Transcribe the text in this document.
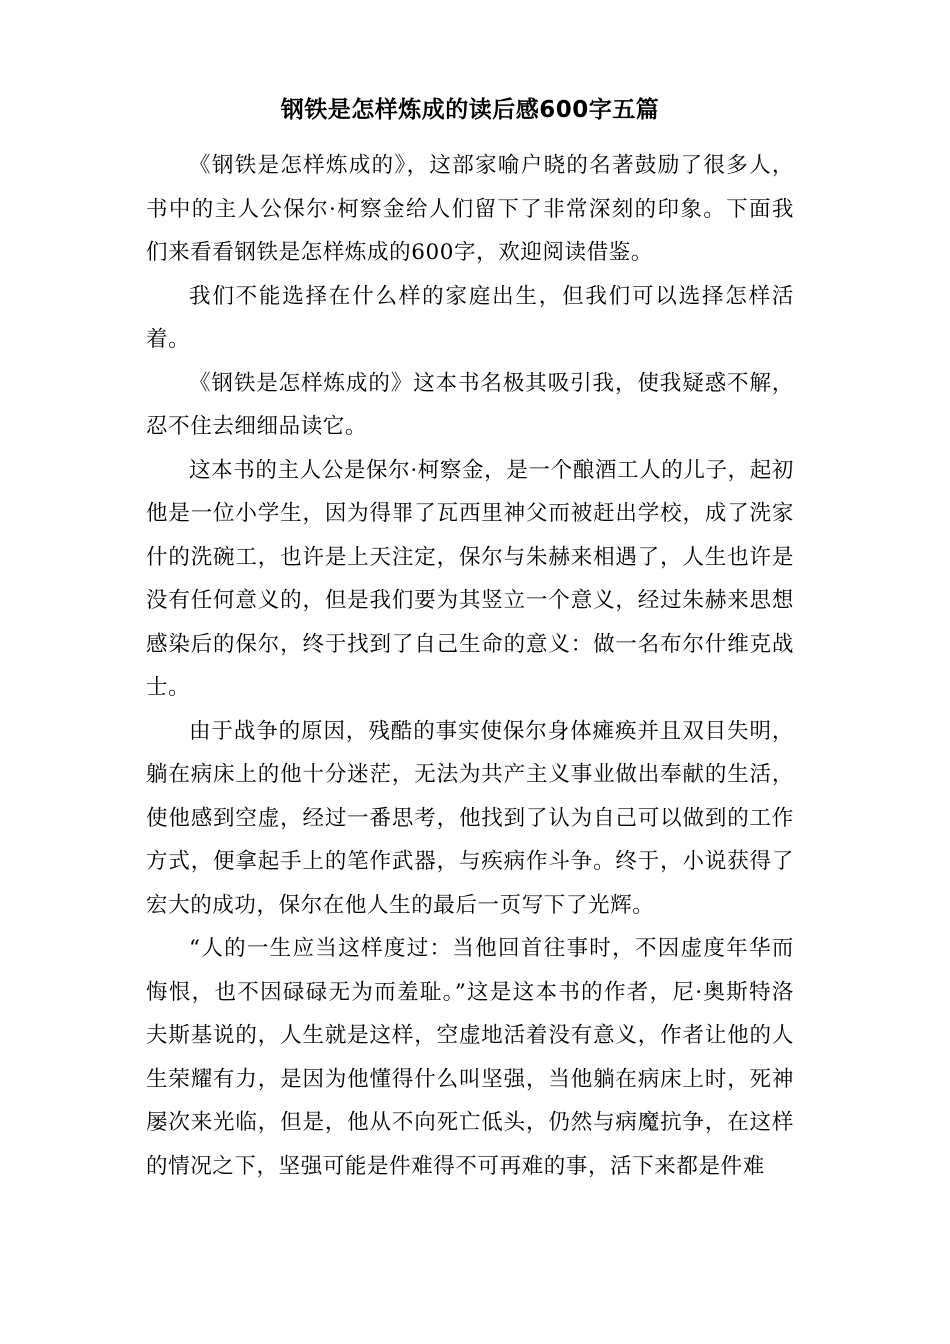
钢铁是怎样炼成的读后感600字五篇

《钢铁是怎样炼成的》，这部家喻户晓的名著鼓励了很多人，书中的主人公保尔·柯察金给人们留下了非常深刻的印象。下面我们来看看钢铁是怎样炼成的600字，欢迎阅读借鉴。

我们不能选择在什么样的家庭出生，但我们可以选择怎样活着。

《钢铁是怎样炼成的》这本书名极其吸引我，使我疑惑不解，忍不住去细细品读它。

这本书的主人公是保尔·柯察金，是一个酿酒工人的儿子，起初他是一位小学生，因为得罪了瓦西里神父而被赶出学校，成了洗家什的洗碗工，也许是上天注定，保尔与朱赫来相遇了，人生也许是没有任何意义的，但是我们要为其竖立一个意义，经过朱赫来思想感染后的保尔，终于找到了自己生命的意义：做一名布尔什维克战士。

由于战争的原因，残酷的事实使保尔身体瘫痪并且双目失明，躺在病床上的他十分迷茫，无法为共产主义事业做出奉献的生活，使他感到空虚，经过一番思考，他找到了认为自己可以做到的工作方式，便拿起手上的笔作武器，与疾病作斗争。终于，小说获得了宏大的成功，保尔在他人生的最后一页写下了光辉。

“人的一生应当这样度过：当他回首往事时，不因虚度年华而悔恨，也不因碌碌无为而羞耻。”这是这本书的作者，尼·奥斯特洛夫斯基说的，人生就是这样，空虚地活着没有意义，作者让他的人生荣耀有力，是因为他懂得什么叫坚强，当他躺在病床上时，死神屡次来光临，但是，他从不向死亡低头，仍然与病魔抗争，在这样的情况之下，坚强可能是件难得不可再难的事，活下来都是件难
